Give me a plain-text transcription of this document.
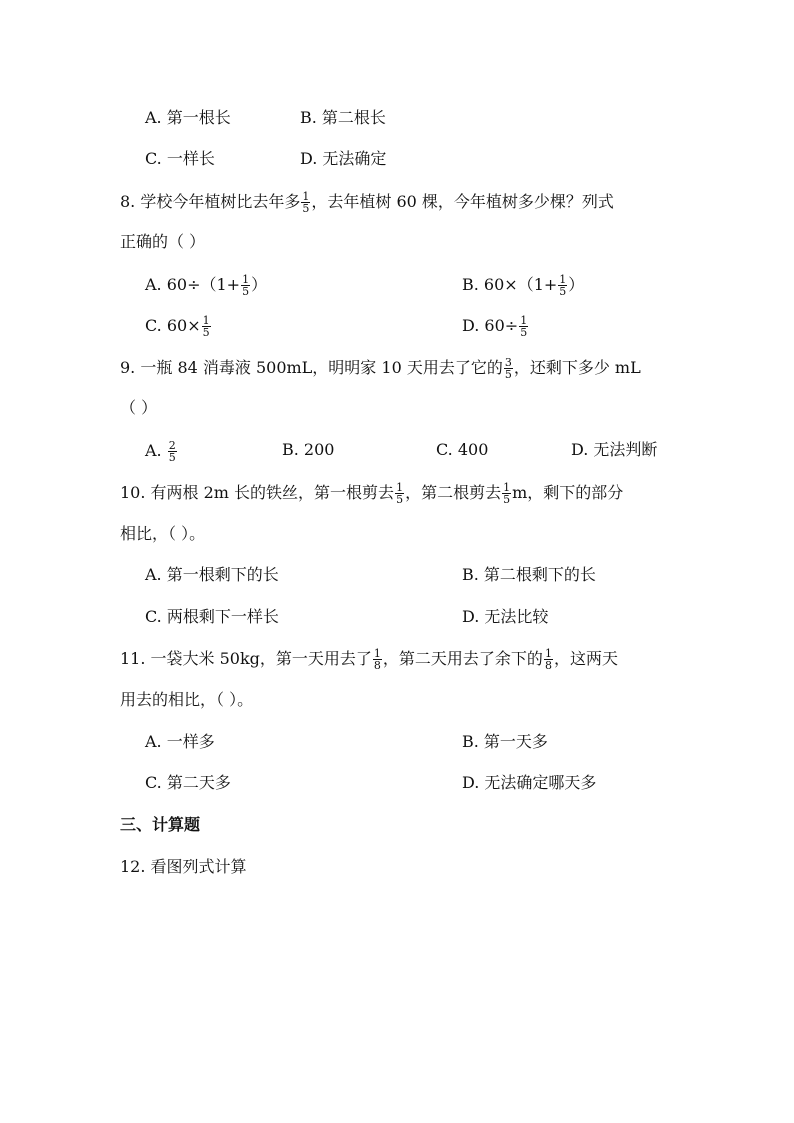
A. 第一根长	B. 第二根长
C. 一样长	D. 无法确定
8. 学校今年植树比去年多 $\frac{1}{5}$ ，去年植树 60 棵，今年植树多少棵？列式
正确的（ ）
A. $60\div(1+ \frac{1}{5}$ ）	B. $60\times(1+ \frac{1}{5}$ ）
C. $60\times \frac{1}{5}$	D. $60\div \frac{1}{5}$
9. 一瓶 84 消毒液 500mL，明明家 10 天用去了它的 $\frac{3}{5}$ ，还剩下多少 mL
（ ）
A. $\frac{2}{5}$	B. 200	C. 400	D. 无法判断
10. 有两根 2m 长的铁丝，第一根剪去 $\frac{1}{5}$ ，第二根剪去 $\frac{1}{5}$ m，剩下的部分
相比，（ ）。
A. 第一根剩下的长	B. 第二根剩下的长
C. 两根剩下一样长	D. 无法比较
11. 一袋大米 50kg，第一天用去了 $\frac{1}{8}$ ，第二天用去了余下的 $\frac{1}{8}$ ，这两天
用去的相比，（ ）。
A. 一样多	B. 第一天多
C. 第二天多	D. 无法确定哪天多
三、计算题
12. 看图列式计算
